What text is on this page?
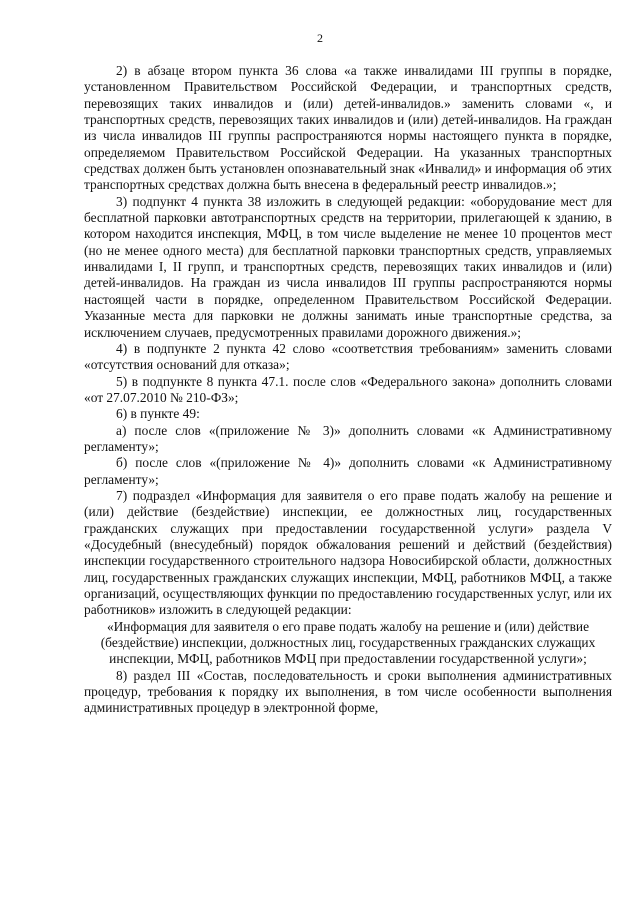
2

2) в абзаце втором пункта 36 слова «а также инвалидами III группы в порядке, установленном Правительством Российской Федерации, и транспортных средств, перевозящих таких инвалидов и (или) детей-инвалидов.» заменить словами «, и транспортных средств, перевозящих таких инвалидов и (или) детей-инвалидов. На граждан из числа инвалидов III группы распространяются нормы настоящего пункта в порядке, определяемом Правительством Российской Федерации. На указанных транспортных средствах должен быть установлен опознавательный знак «Инвалид» и информация об этих транспортных средствах должна быть внесена в федеральный реестр инвалидов.»;

3) подпункт 4 пункта 38 изложить в следующей редакции: «оборудование мест для бесплатной парковки автотранспортных средств на территории, прилегающей к зданию, в котором находится инспекция, МФЦ, в том числе выделение не менее 10 процентов мест (но не менее одного места) для бесплатной парковки транспортных средств, управляемых инвалидами I, II групп, и транспортных средств, перевозящих таких инвалидов и (или) детей-инвалидов. На граждан из числа инвалидов III группы распространяются нормы настоящей части в порядке, определенном Правительством Российской Федерации. Указанные места для парковки не должны занимать иные транспортные средства, за исключением случаев, предусмотренных правилами дорожного движения.»;

4) в подпункте 2 пункта 42 слово «соответствия требованиям» заменить словами «отсутствия оснований для отказа»;

5) в подпункте 8 пункта 47.1. после слов «Федерального закона» дополнить словами «от 27.07.2010 № 210-ФЗ»;

6) в пункте 49:

а) после слов «(приложение № 3)» дополнить словами «к Административному регламенту»;

б) после слов «(приложение № 4)» дополнить словами «к Административному регламенту»;

7) подраздел «Информация для заявителя о его праве подать жалобу на решение и (или) действие (бездействие) инспекции, ее должностных лиц, государственных гражданских служащих при предоставлении государственной услуги» раздела V «Досудебный (внесудебный) порядок обжалования решений и действий (бездействия) инспекции государственного строительного надзора Новосибирской области, должностных лиц, государственных гражданских служащих инспекции, МФЦ, работников МФЦ, а также организаций, осуществляющих функции по предоставлению государственных услуг, или их работников» изложить в следующей редакции:

«Информация для заявителя о его праве подать жалобу на решение и (или) действие (бездействие) инспекции, должностных лиц, государственных гражданских служащих инспекции, МФЦ, работников МФЦ при предоставлении государственной услуги»;

8) раздел III «Состав, последовательность и сроки выполнения административных процедур, требования к порядку их выполнения, в том числе особенности выполнения административных процедур в электронной форме,
